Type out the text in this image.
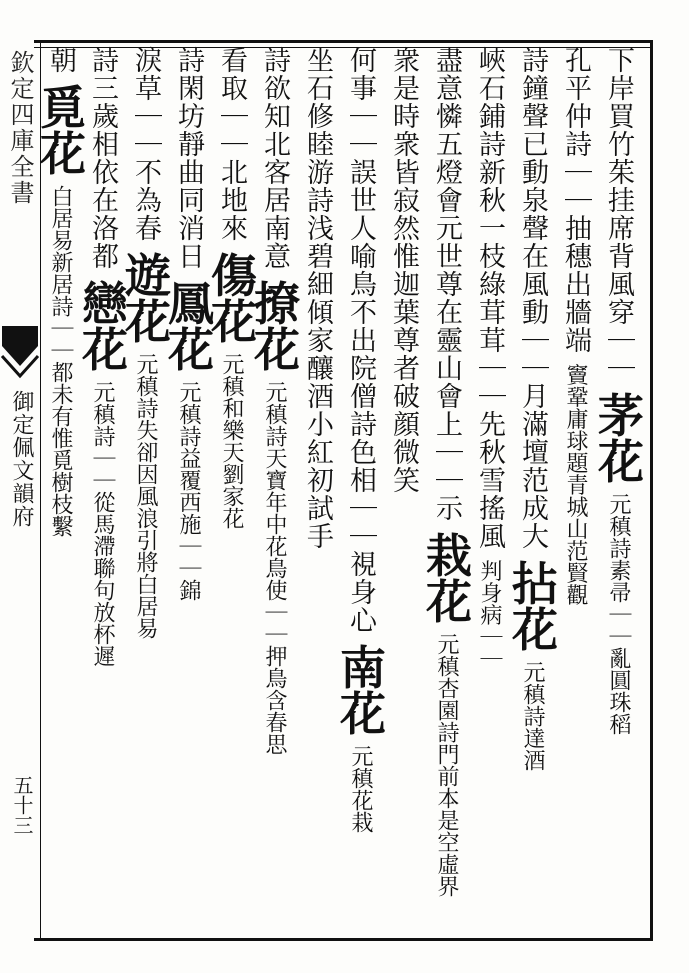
欽定四庫全書
御定佩文韻府
五十三
下岸買竹茱挂席背風穿｜｜ 茅花 元稹詩素帚｜｜亂圓珠稻
孔平仲詩｜｜抽穗出牆端 竇鞏庸球題青城山范賢觀
詩鐘聲已動泉聲在風動｜｜月滿壇范成大 拈花 元稹詩達酒
峽石鋪詩新秋一枝綠茸茸｜｜先秋雪搖風 判身病｜｜
盡意憐五燈會元世尊在靈山會上｜｜示 栽花 元稹杏園詩門前本是空虛界
衆是時衆皆寂然惟迦葉尊者破顔微笑
何事｜｜誤世人喻鳥不出院僧詩色相｜｜視身心 南花 元稹花栽
坐石修睦游詩浅碧細傾家釀酒小紅初試手
詩欲知北客居南意 撩花 元稹詩天寶年中花鳥使｜｜押鳥含春思
看取｜｜北地來 傷花 元稹和樂天劉家花
詩閑坊靜曲同消日 鳳花 元稹詩益覆西施｜｜錦
淚草｜｜不為春 遊花 元稹詩失卻因風浪引將白居易
詩三歲相依在洛都 戀花 元稹詩｜｜從馬滯聯句放杯遲
朝 覓花 白居易新居詩｜｜都未有惟覓樹枝繫
